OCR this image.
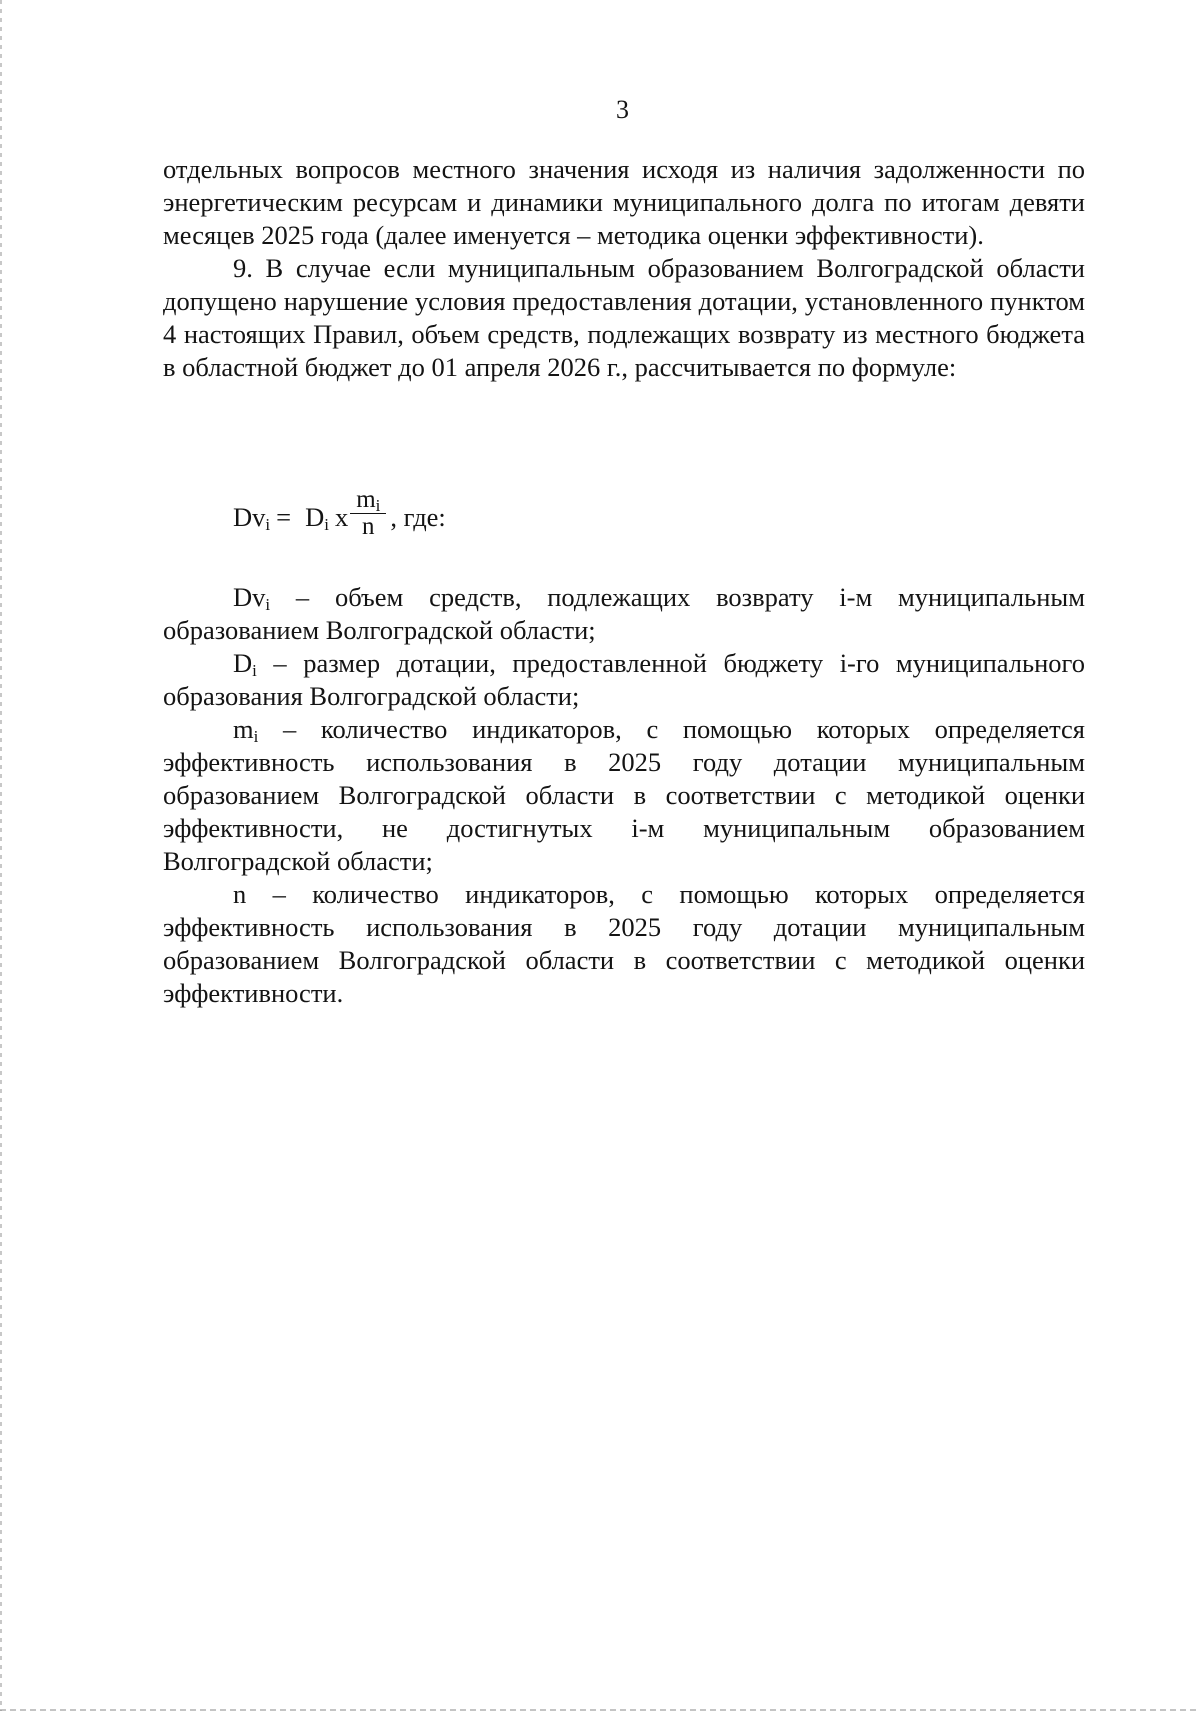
3

отдельных вопросов местного значения исходя из наличия задолженности по энергетическим ресурсам и динамики муниципального долга по итогам девяти месяцев 2025 года (далее именуется – методика оценки эффективности).

9. В случае если муниципальным образованием Волгоградской области допущено нарушение условия предоставления дотации, установленного пунктом 4 настоящих Правил, объем средств, подлежащих возврату из местного бюджета в областной бюджет до 01 апреля 2026 г., рассчитывается по формуле:

$Dv_i = D_i$ x $\frac{m_i}{n}$ , где:

$Dv_i$ – объем средств, подлежащих возврату i-м муниципальным образованием Волгоградской области;

$D_i$ – размер дотации, предоставленной бюджету i-го муниципального образования Волгоградской области;

$m_i$ – количество индикаторов, с помощью которых определяется эффективность использования в 2025 году дотации муниципальным образованием Волгоградской области в соответствии с методикой оценки эффективности, не достигнутых i-м муниципальным образованием Волгоградской области;

n – количество индикаторов, с помощью которых определяется эффективность использования в 2025 году дотации муниципальным образованием Волгоградской области в соответствии с методикой оценки эффективности.
